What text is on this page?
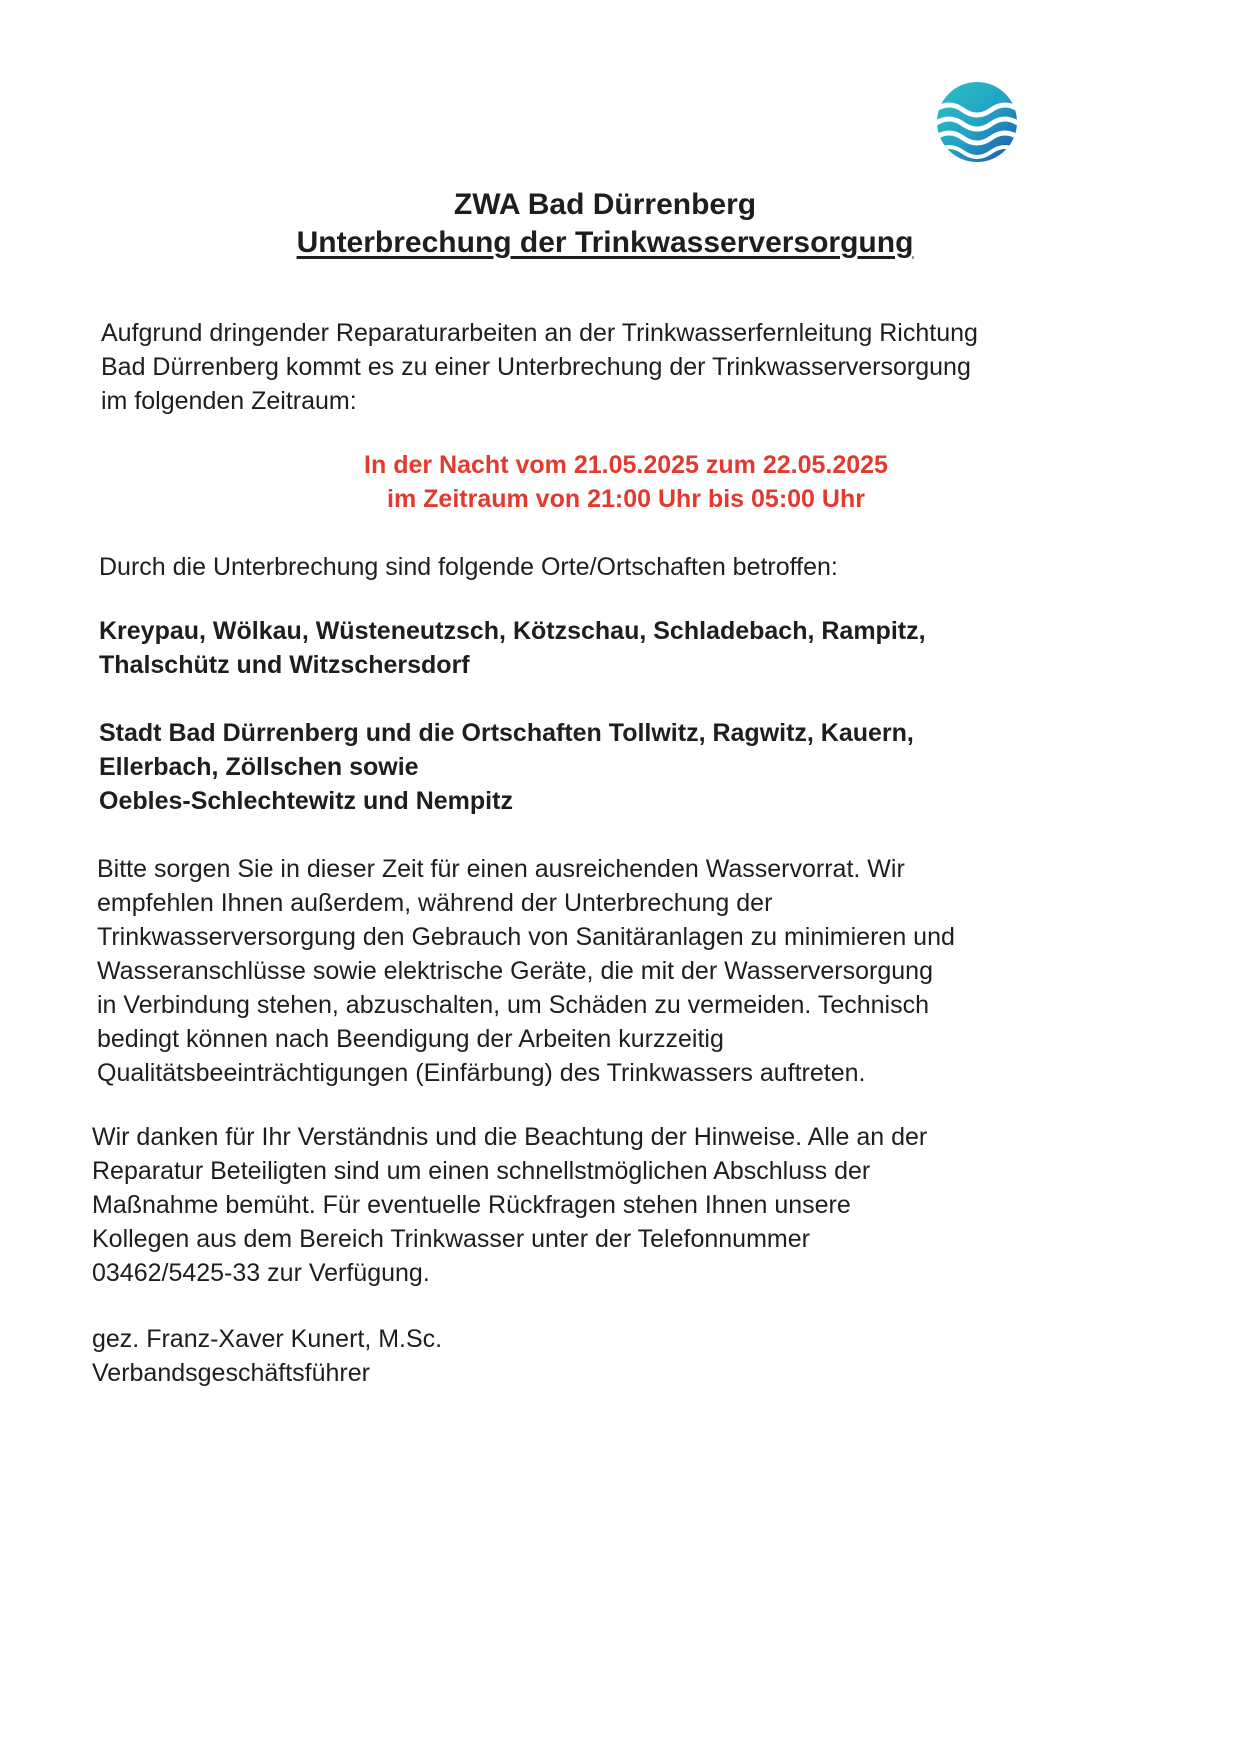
ZWA Bad Dürrenberg
Unterbrechung der Trinkwasserversorgung
Aufgrund dringender Reparaturarbeiten an der Trinkwasserfernleitung Richtung
Bad Dürrenberg kommt es zu einer Unterbrechung der Trinkwasserversorgung
im folgenden Zeitraum:
In der Nacht vom 21.05.2025 zum 22.05.2025
im Zeitraum von 21:00 Uhr bis 05:00 Uhr
Durch die Unterbrechung sind folgende Orte/Ortschaften betroffen:
Kreypau, Wölkau, Wüsteneutzsch, Kötzschau, Schladebach, Rampitz,
Thalschütz und Witzschersdorf
Stadt Bad Dürrenberg und die Ortschaften Tollwitz, Ragwitz, Kauern,
Ellerbach, Zöllschen sowie
Oebles-Schlechtewitz und Nempitz
Bitte sorgen Sie in dieser Zeit für einen ausreichenden Wasservorrat. Wir
empfehlen Ihnen außerdem, während der Unterbrechung der
Trinkwasserversorgung den Gebrauch von Sanitäranlagen zu minimieren und
Wasseranschlüsse sowie elektrische Geräte, die mit der Wasserversorgung
in Verbindung stehen, abzuschalten, um Schäden zu vermeiden. Technisch
bedingt können nach Beendigung der Arbeiten kurzzeitig
Qualitätsbeeinträchtigungen (Einfärbung) des Trinkwassers auftreten.
Wir danken für Ihr Verständnis und die Beachtung der Hinweise. Alle an der
Reparatur Beteiligten sind um einen schnellstmöglichen Abschluss der
Maßnahme bemüht. Für eventuelle Rückfragen stehen Ihnen unsere
Kollegen aus dem Bereich Trinkwasser unter der Telefonnummer
03462/5425-33 zur Verfügung.
gez. Franz-Xaver Kunert, M.Sc.
Verbandsgeschäftsführer
